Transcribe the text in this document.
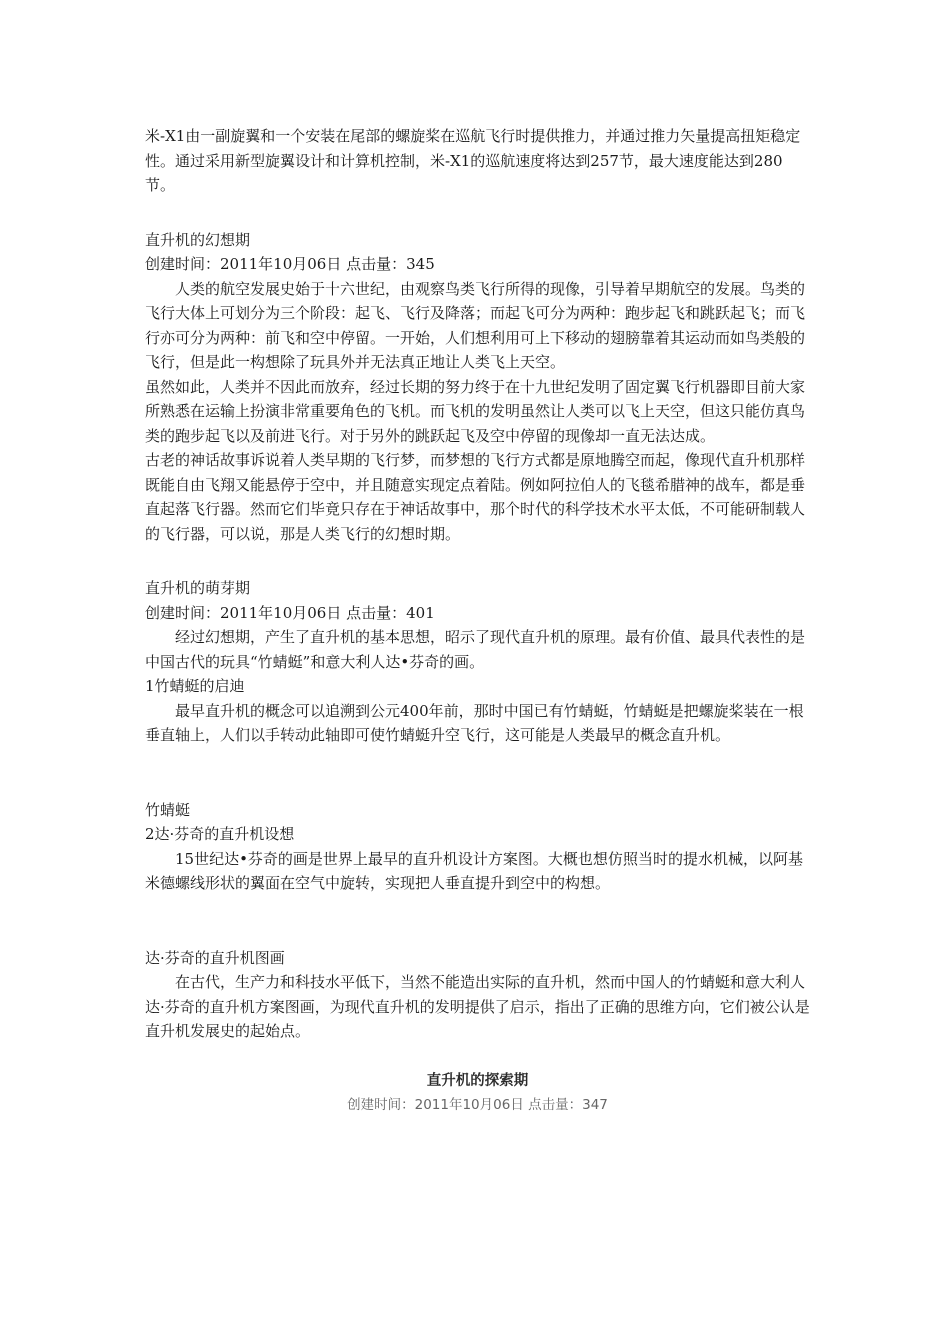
米-X1由一副旋翼和一个安装在尾部的螺旋桨在巡航飞行时提供推力，并通过推力矢量提高扭矩稳定性。通过采用新型旋翼设计和计算机控制，米-X1的巡航速度将达到257节，最大速度能达到280节。

直升机的幻想期

创建时间：2011年10月06日 点击量：345

人类的航空发展史始于十六世纪，由观察鸟类飞行所得的现像，引导着早期航空的发展。鸟类的飞行大体上可划分为三个阶段：起飞、飞行及降落；而起飞可分为两种：跑步起飞和跳跃起飞；而飞行亦可分为两种：前飞和空中停留。一开始，人们想利用可上下移动的翅膀靠着其运动而如鸟类般的飞行，但是此一构想除了玩具外并无法真正地让人类飞上天空。

虽然如此，人类并不因此而放弃，经过长期的努力终于在十九世纪发明了固定翼飞行机器即目前大家所熟悉在运输上扮演非常重要角色的飞机。而飞机的发明虽然让人类可以飞上天空，但这只能仿真鸟类的跑步起飞以及前进飞行。对于另外的跳跃起飞及空中停留的现像却一直无法达成。

古老的神话故事诉说着人类早期的飞行梦，而梦想的飞行方式都是原地腾空而起，像现代直升机那样既能自由飞翔又能悬停于空中，并且随意实现定点着陆。例如阿拉伯人的飞毯希腊神的战车，都是垂直起落飞行器。然而它们毕竟只存在于神话故事中，那个时代的科学技术水平太低，不可能研制载人的飞行器，可以说，那是人类飞行的幻想时期。

直升机的萌芽期

创建时间：2011年10月06日 点击量：401

经过幻想期，产生了直升机的基本思想，昭示了现代直升机的原理。最有价值、最具代表性的是中国古代的玩具“竹蜻蜓”和意大利人达•芬奇的画。

1竹蜻蜓的启迪

最早直升机的概念可以追溯到公元400年前，那时中国已有竹蜻蜓，竹蜻蜓是把螺旋桨装在一根垂直轴上，人们以手转动此轴即可使竹蜻蜓升空飞行，这可能是人类最早的概念直升机。

竹蜻蜓

2达·芬奇的直升机设想

15世纪达•芬奇的画是世界上最早的直升机设计方案图。大概也想仿照当时的提水机械，以阿基米德螺线形状的翼面在空气中旋转，实现把人垂直提升到空中的构想。

达·芬奇的直升机图画

在古代，生产力和科技水平低下，当然不能造出实际的直升机，然而中国人的竹蜻蜓和意大利人达·芬奇的直升机方案图画，为现代直升机的发明提供了启示，指出了正确的思维方向，它们被公认是直升机发展史的起始点。

直升机的探索期

创建时间：2011年10月06日 点击量：347
